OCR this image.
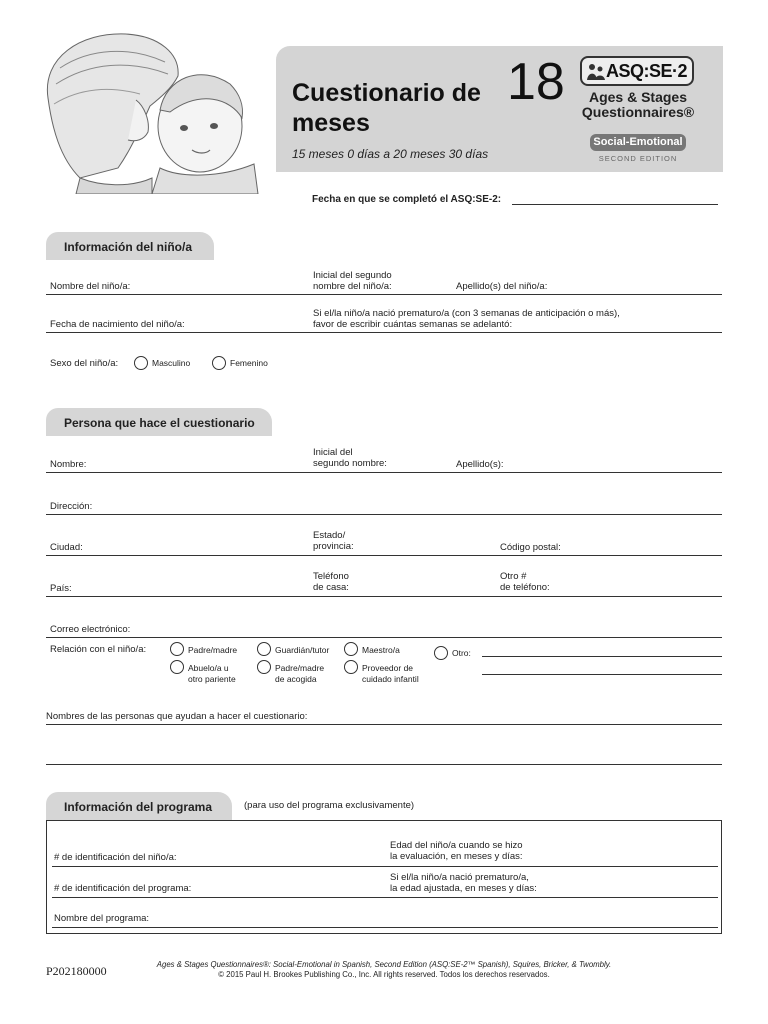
Cuestionario de
meses
18
15 meses 0 días a 20 meses 30 días
ASQ:SE·2
Ages & Stages
Questionnaires®
Social-Emotional
SECOND EDITION
Fecha en que se completó el ASQ:SE-2:
Información del niño/a
Nombre del niño/a:
Inicial del segundo
nombre del niño/a:	Apellido(s) del niño/a:
Fecha de nacimiento del niño/a:
Si el/la niño/a nació prematuro/a (con 3 semanas de anticipación o más),
favor de escribir cuántas semanas se adelantó:
Sexo del niño/a:	Masculino	Femenino
Persona que hace el cuestionario
Nombre:
Inicial del
segundo nombre:	Apellido(s):
Dirección:
Ciudad:
Estado/
provincia:	Código postal:
País:
Teléfono
de casa:
Otro #
de teléfono:
Correo electrónico:
Relación con el niño/a:	Padre/madre	Guardián/tutor	Maestro/a	Otro:
Abuelo/a u
otro pariente
Padre/madre
de acogida
Proveedor de
cuidado infantil
Nombres de las personas que ayudan a hacer el cuestionario:
Información del programa	(para uso del programa exclusivamente)
# de identificación del niño/a:
Edad del niño/a cuando se hizo
la evaluación, en meses y días:
# de identificación del programa:
Si el/la niño/a nació prematuro/a,
la edad ajustada, en meses y días:
Nombre del programa:
P202180000	Ages & Stages Questionnaires®: Social-Emotional in Spanish, Second Edition (ASQ:SE-2™ Spanish), Squires, Bricker, & Twombly.
© 2015 Paul H. Brookes Publishing Co., Inc. All rights reserved. Todos los derechos reservados.
